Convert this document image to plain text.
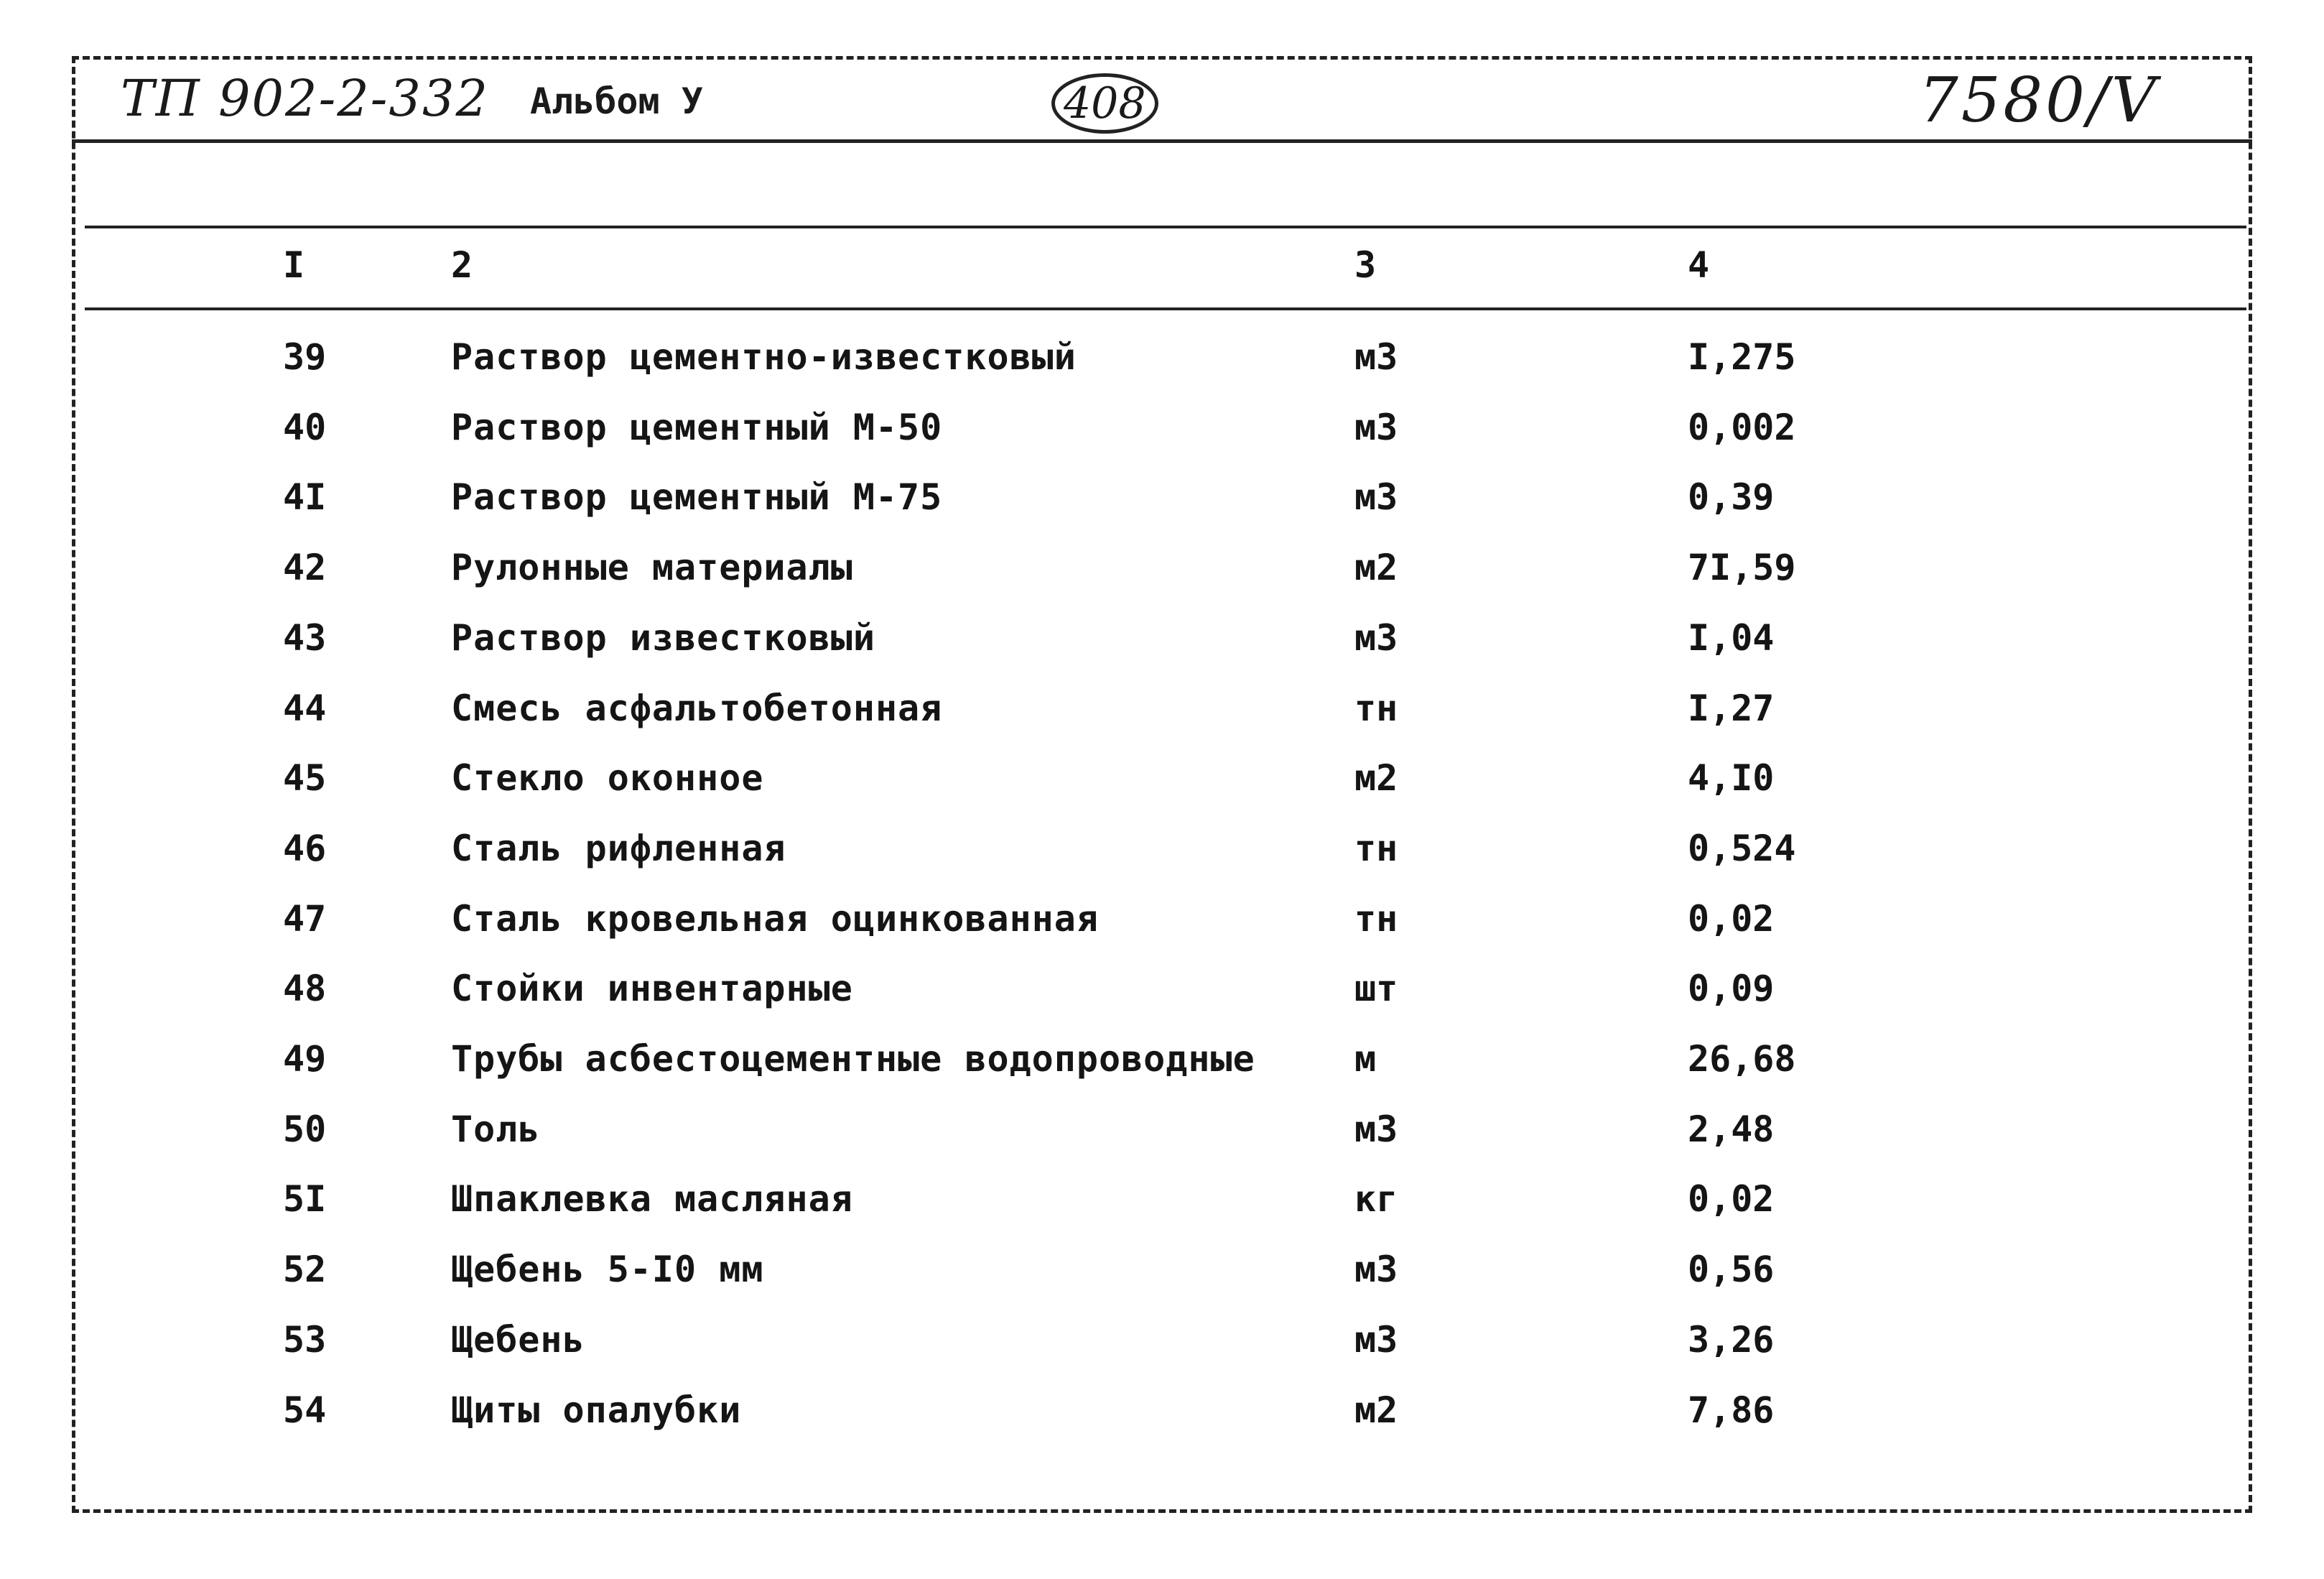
ТП 902-2-332 Альбом У	408	7580/V
I	2	3	4
39	Раствор цементно-известковый	м3	I,275
40	Раствор цементный М-50	м3	0,002
4I	Раствор цементный М-75	м3	0,39
42	Рулонные материалы	м2	7I,59
43	Раствор известковый	м3	I,04
44	Смесь асфальтобетонная	тн	I,27
45	Стекло оконное	м2	4,I0
46	Сталь рифленная	тн	0,524
47	Сталь кровельная оцинкованная	тн	0,02
48	Стойки инвентарные	шт	0,09
49	Трубы асбестоцементные водопроводные	м	26,68
50	Толь	м3	2,48
5I	Шпаклевка масляная	кг	0,02
52	Щебень 5-I0 мм	м3	0,56
53	Щебень	м3	3,26
54	Щиты опалубки	м2	7,86
